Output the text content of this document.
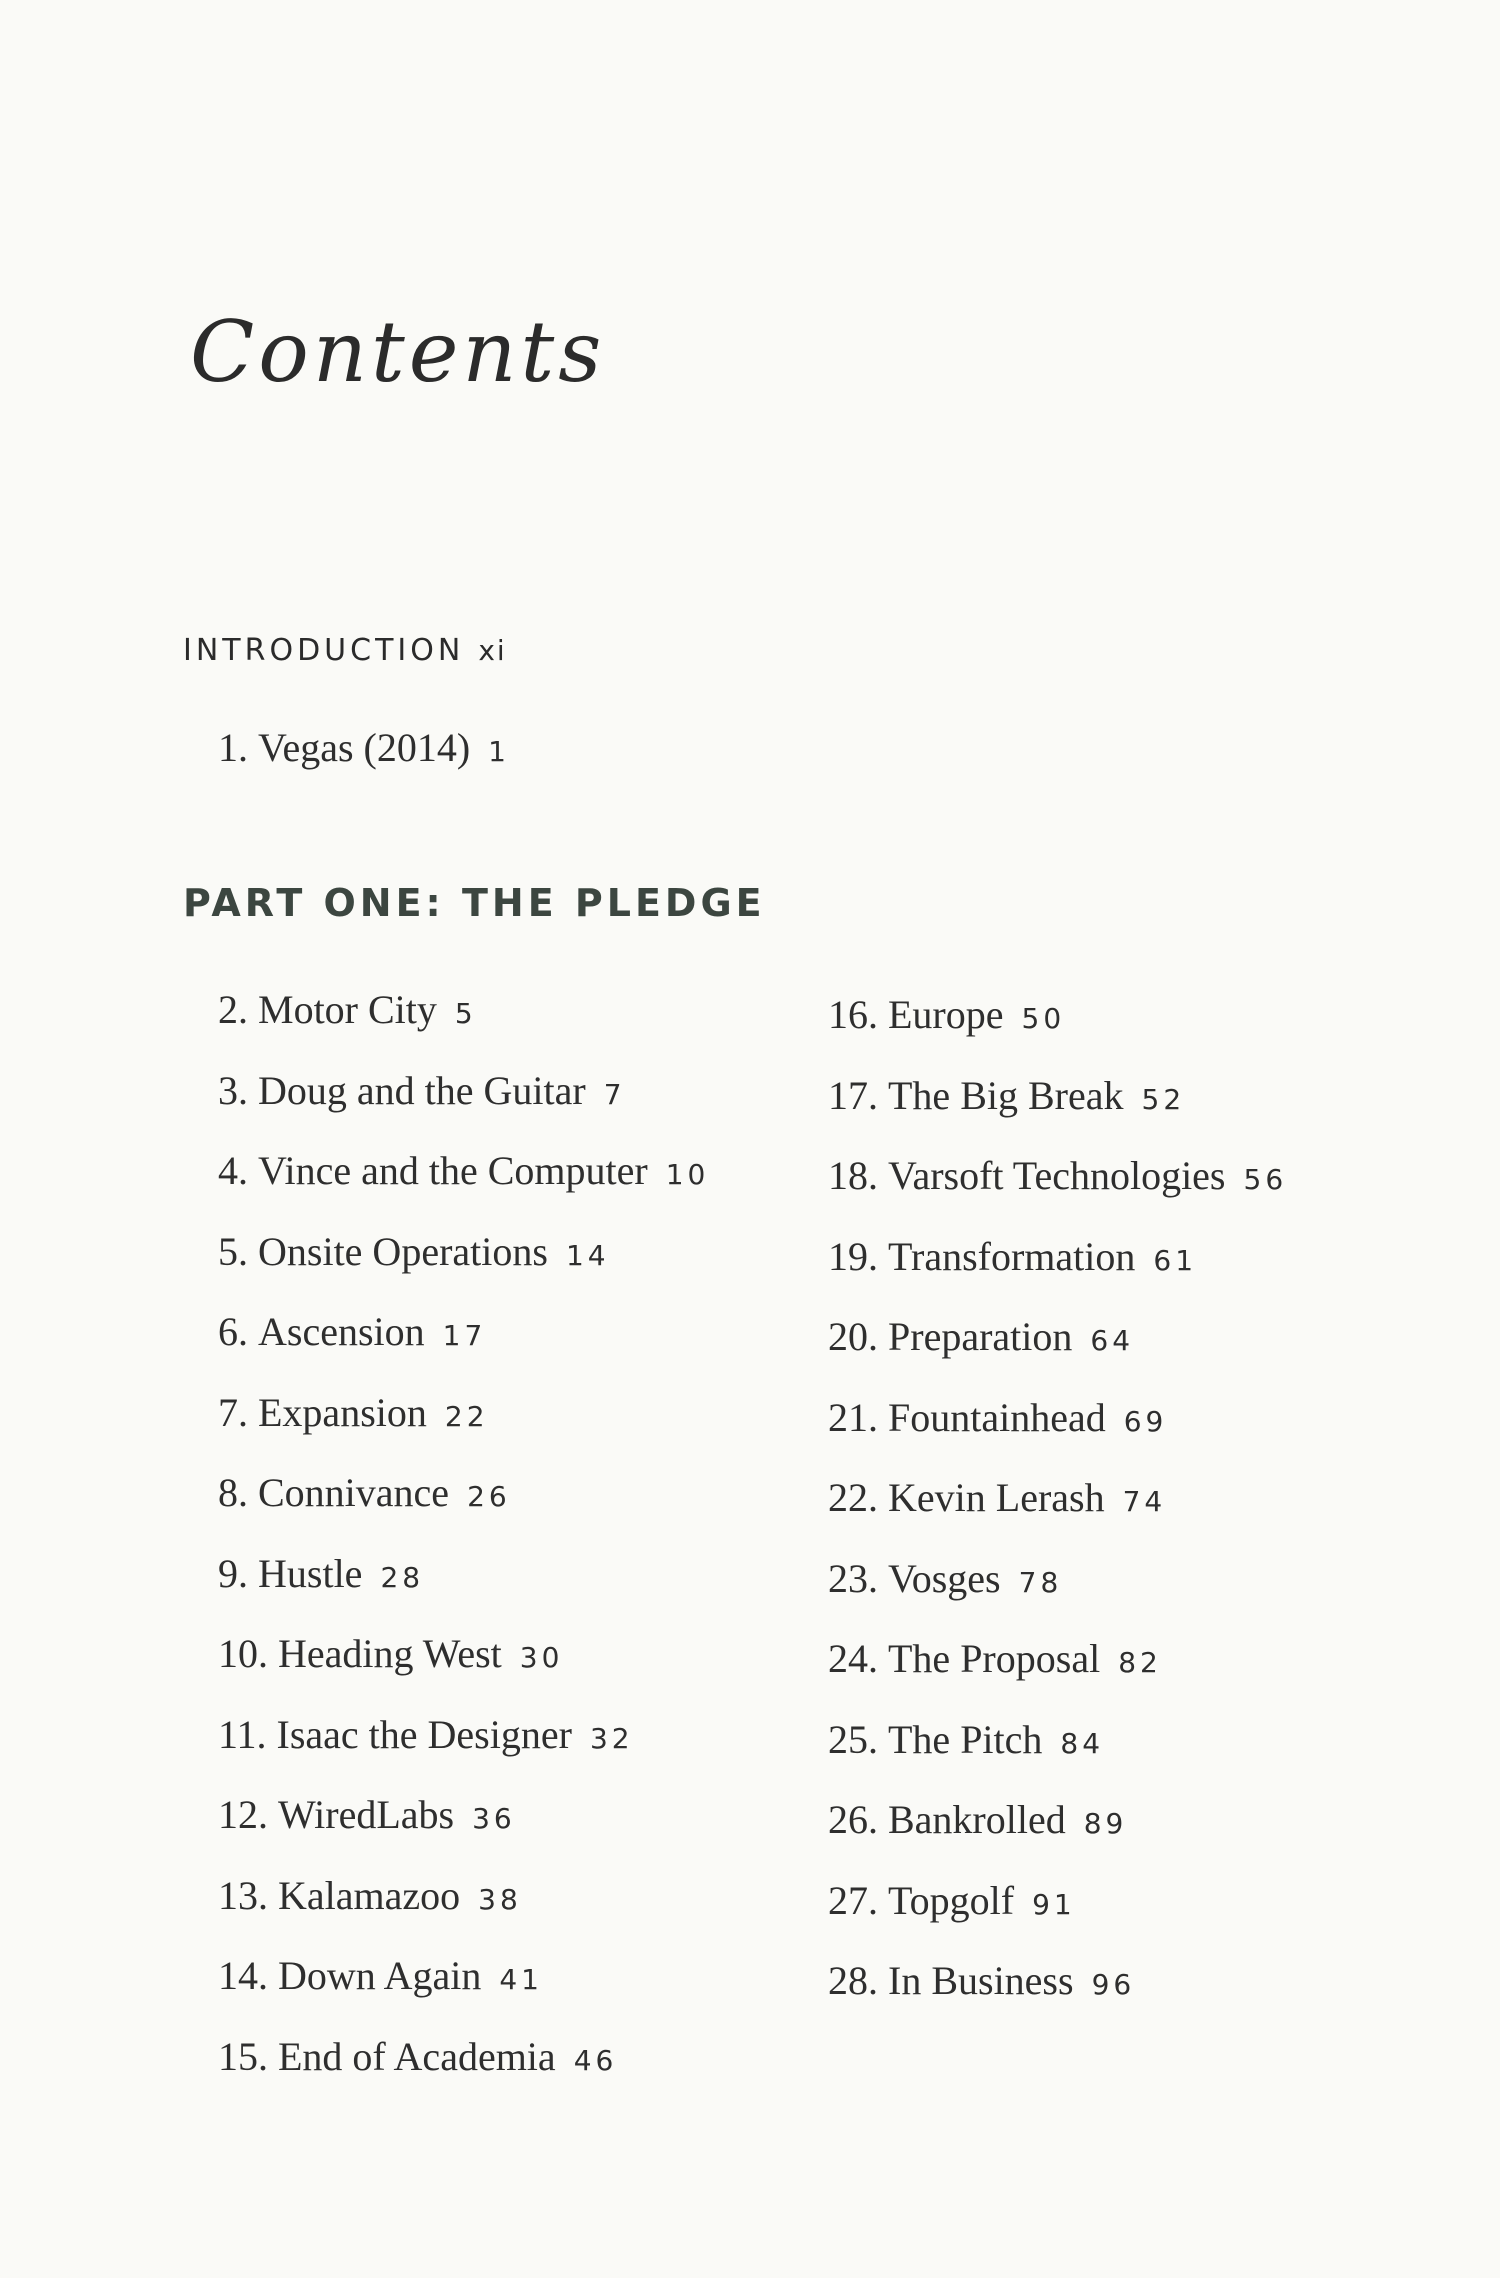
Contents
INTRODUCTION xi
1. Vegas (2014) 1
PART ONE: THE PLEDGE
2. Motor City 5
3. Doug and the Guitar 7
4. Vince and the Computer 10
5. Onsite Operations 14
6. Ascension 17
7. Expansion 22
8. Connivance 26
9. Hustle 28
10. Heading West 30
11. Isaac the Designer 32
12. WiredLabs 36
13. Kalamazoo 38
14. Down Again 41
15. End of Academia 46
16. Europe 50
17. The Big Break 52
18. Varsoft Technologies 56
19. Transformation 61
20. Preparation 64
21. Fountainhead 69
22. Kevin Lerash 74
23. Vosges 78
24. The Proposal 82
25. The Pitch 84
26. Bankrolled 89
27. Topgolf 91
28. In Business 96
